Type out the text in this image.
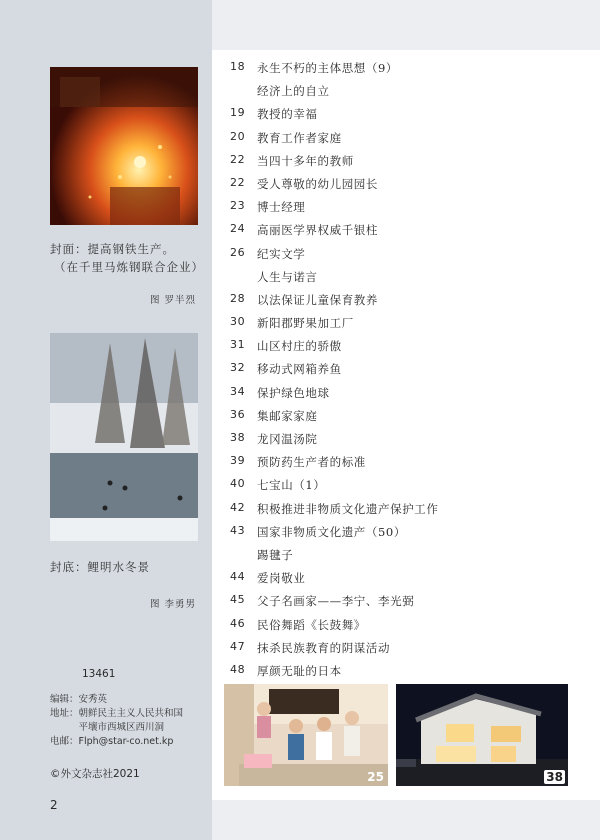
封面：提高钢铁生产。
（在千里马炼钢联合企业）
图 罗半烈
封底：鲤明水冬景
图 李勇男
13461
编辑：安秀英
地址：朝鲜民主主义人民共和国
　　　平壤市西城区西川洞
电邮：Flph@star-co.net.kp
©外文杂志社2021
2
18	永生不朽的主体思想（9）
经济上的自立
19	教授的幸福
20	教育工作者家庭
22	当四十多年的教师
22	受人尊敬的幼儿园园长
23	博士经理
24	高丽医学界权威千银柱
26	纪实文学
人生与诺言
28	以法保证儿童保育教养
30	新阳郡野果加工厂
31	山区村庄的骄傲
32	移动式网箱养鱼
34	保护绿色地球
36	集邮家家庭
38	龙冈温汤院
39	预防药生产者的标准
40	七宝山（1）
42	积极推进非物质文化遗产保护工作
43	国家非物质文化遗产（50）
踢毽子
44	爱岗敬业
45	父子名画家——李宁、李光弼
46	民俗舞蹈《长鼓舞》
47	抹杀民族教育的阴谋活动
48	厚颜无耻的日本
25	38
